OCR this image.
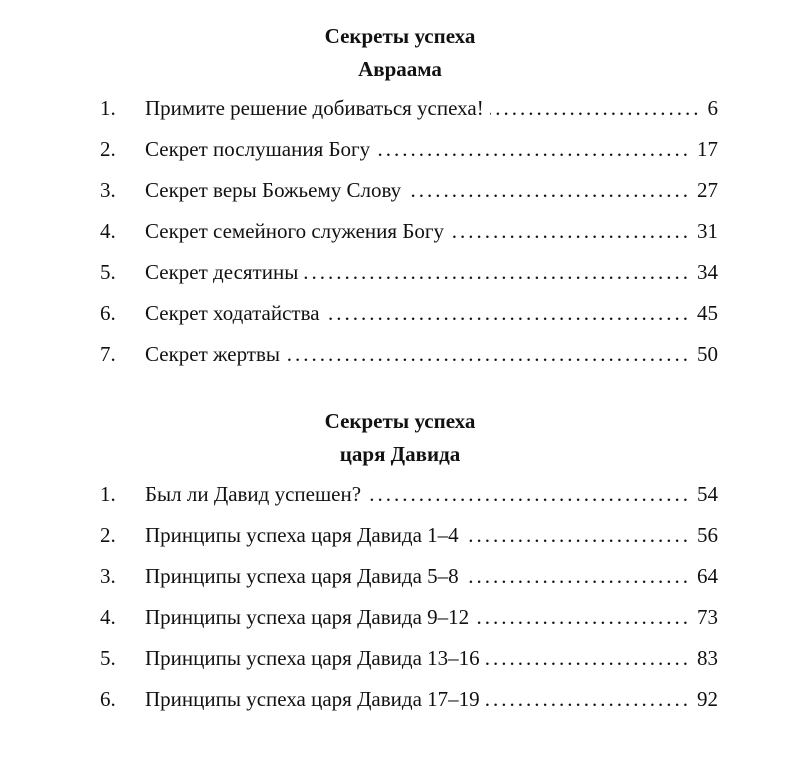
Секреты успеха
Авраама
1.	Примите решение добиваться успеха! .....	6
2.	Секрет послушания Богу .....	17
3.	Секрет веры Божьему Слову .....	27
4.	Секрет семейного служения Богу .....	31
5.	Секрет десятины .....	34
6.	Секрет ходатайства .....	45
7.	Секрет жертвы .....	50
Секреты успеха
царя Давида
1.	Был ли Давид успешен? .....	54
2.	Принципы успеха царя Давида 1–4 .....	56
3.	Принципы успеха царя Давида 5–8 .....	64
4.	Принципы успеха царя Давида 9–12 .....	73
5.	Принципы успеха царя Давида 13–16 .....	83
6.	Принципы успеха царя Давида 17–19 .....	92
